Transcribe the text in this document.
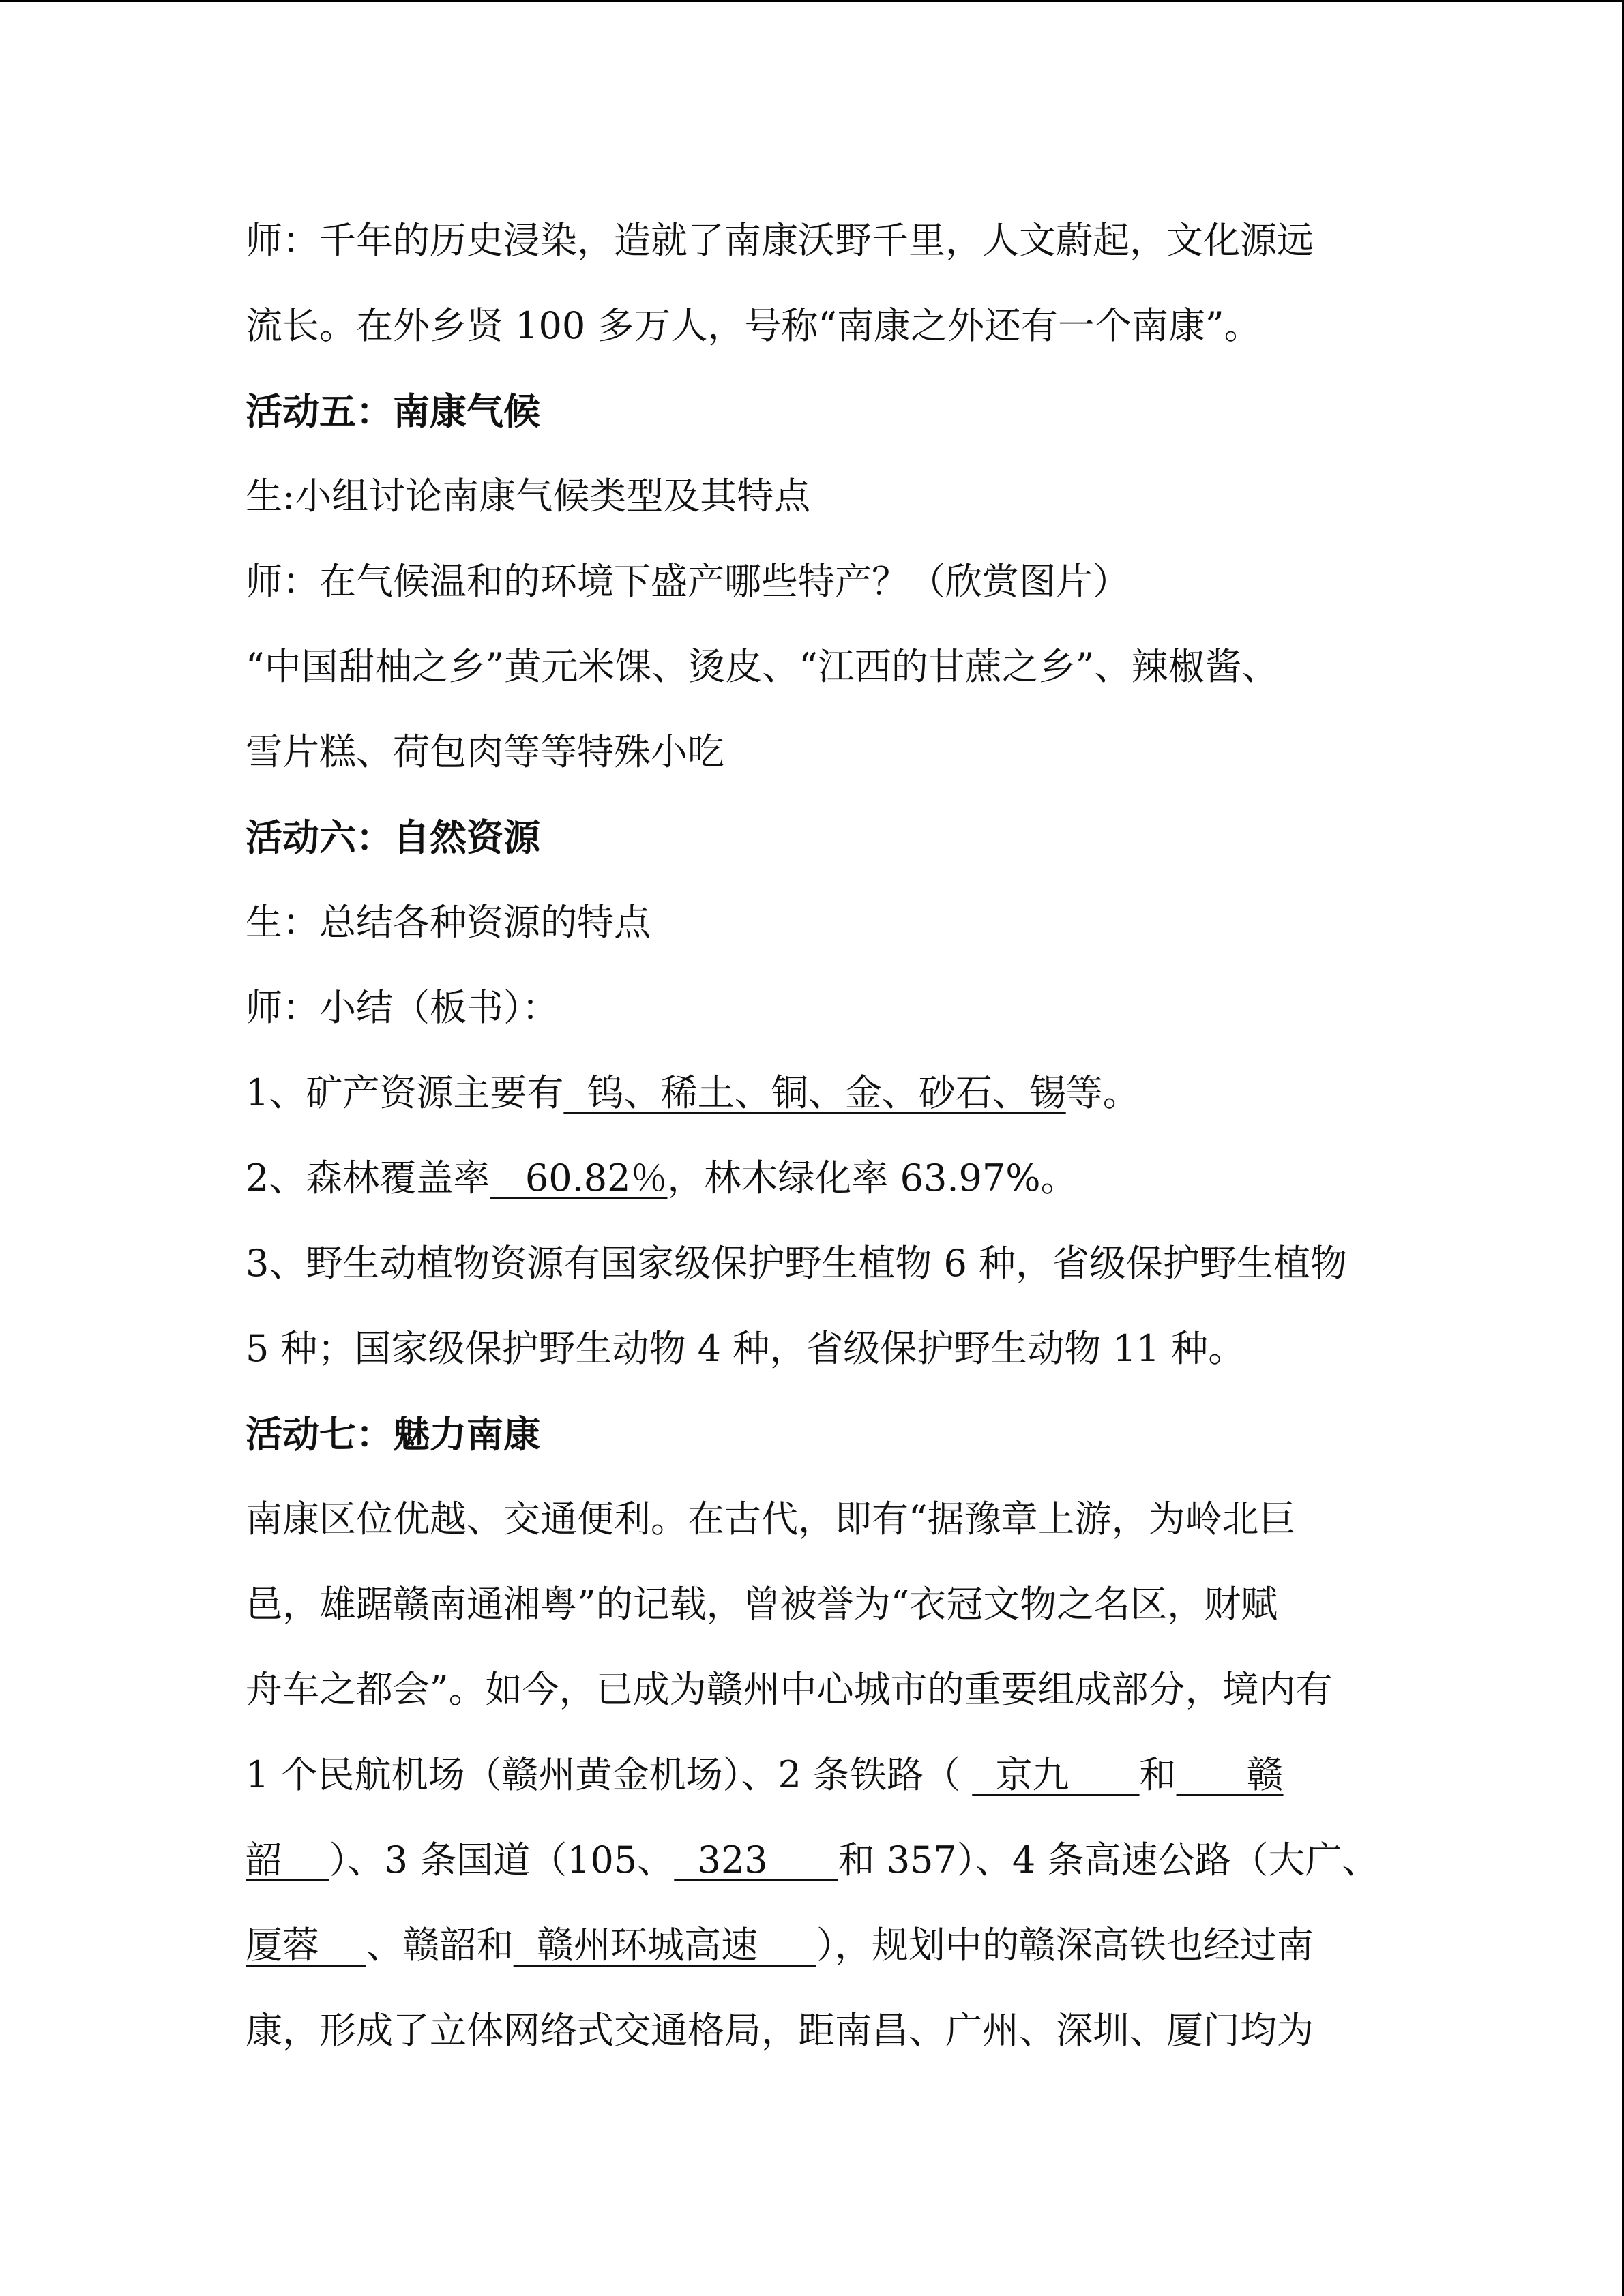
师：千年的历史浸染，造就了南康沃野千里，人文蔚起，文化源远
流长。在外乡贤 100 多万人，号称“南康之外还有一个南康”。
活动五：南康气候
生:小组讨论南康气候类型及其特点
师：在气候温和的环境下盛产哪些特产？（欣赏图片）
“中国甜柚之乡”黄元米馃、烫皮、“江西的甘蔗之乡”、辣椒酱、
雪片糕、荷包肉等等特殊小吃
活动六：自然资源
生：总结各种资源的特点
师：小结（板书）：
1、矿产资源主要有  钨、稀土、铜、金、砂石、锡等。
2、森林覆盖率   60.82％，林木绿化率 63.97%。
3、野生动植物资源有国家级保护野生植物 6 种，省级保护野生植物
5 种；国家级保护野生动物 4 种，省级保护野生动物 11 种。
活动七：魅力南康
南康区位优越、交通便利。在古代，即有“据豫章上游，为岭北巨
邑，雄踞赣南通湘粤”的记载，曾被誉为“衣冠文物之名区，财赋
舟车之都会”。如今，已成为赣州中心城市的重要组成部分，境内有
1 个民航机场（赣州黄金机场）、2 条铁路（   京九      和      赣
韶    ）、3 条国道（105、  323      和 357）、4 条高速公路（大广、
厦蓉    、赣韶和  赣州环城高速     ），规划中的赣深高铁也经过南
康，形成了立体网络式交通格局，距南昌、广州、深圳、厦门均为
